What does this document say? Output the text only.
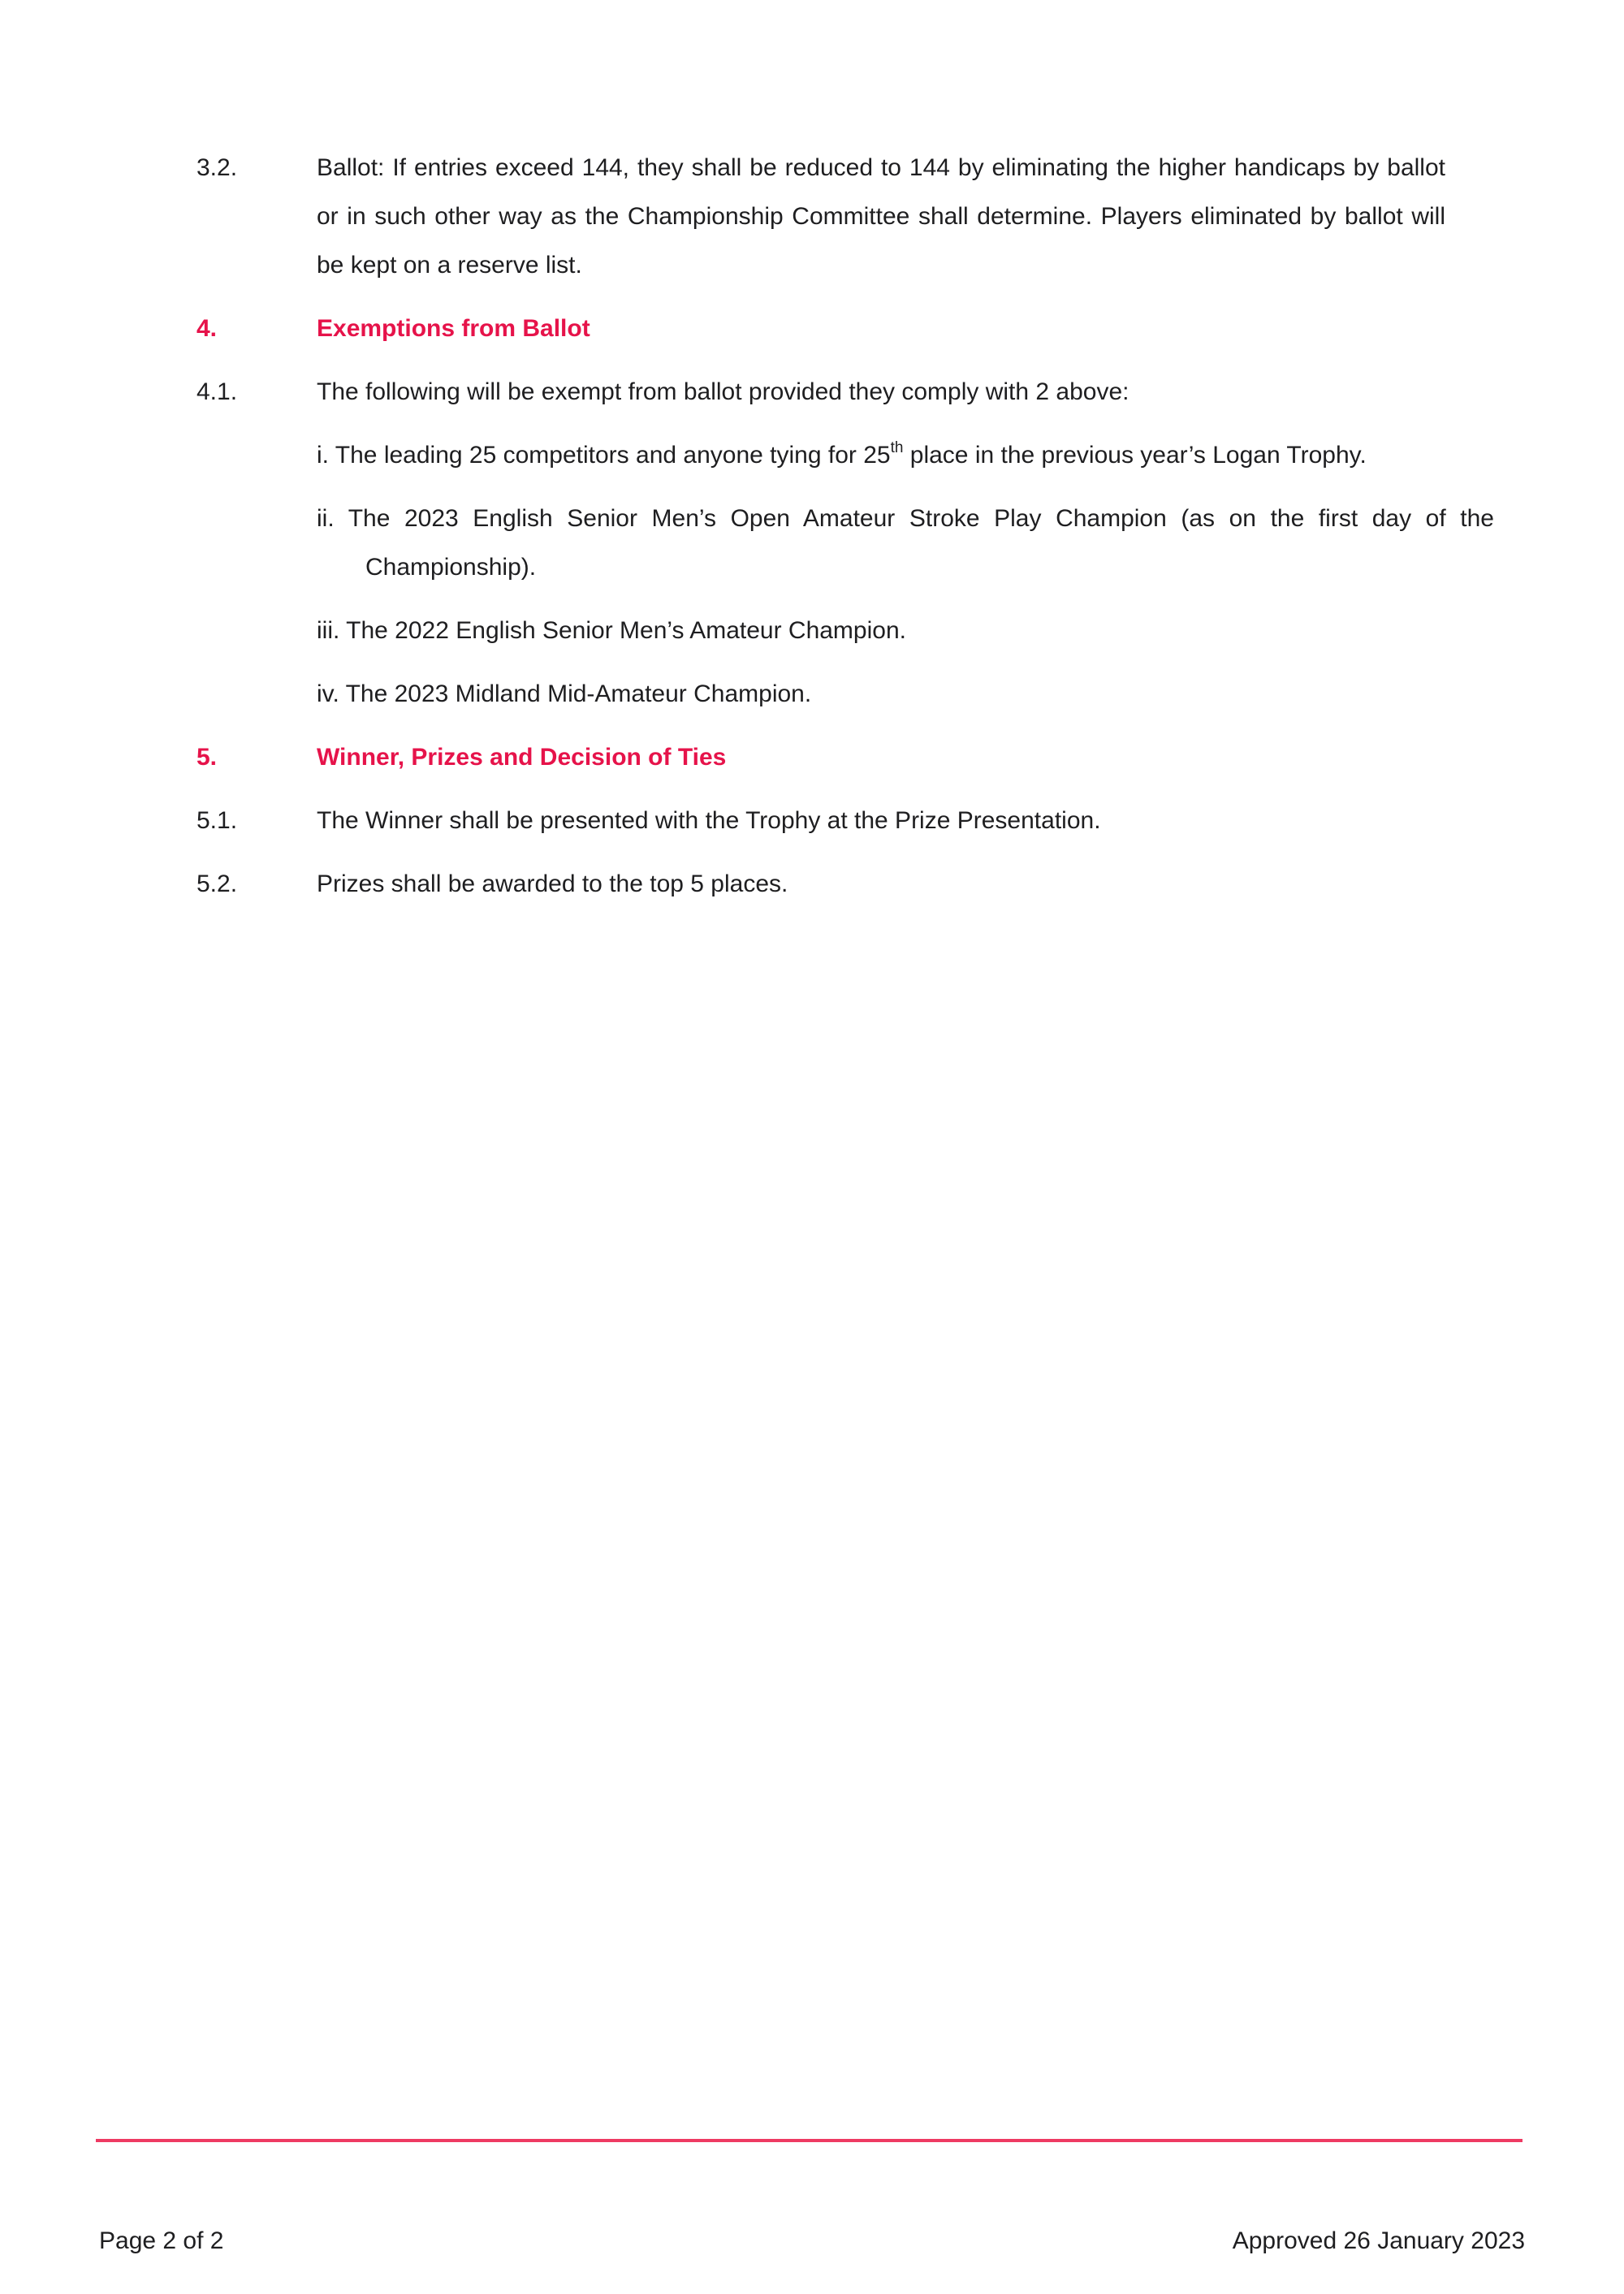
3.2.	Ballot: If entries exceed 144, they shall be reduced to 144 by eliminating the higher handicaps by ballot or in such other way as the Championship Committee shall determine. Players eliminated by ballot will be kept on a reserve list.
4.	Exemptions from Ballot
4.1.	The following will be exempt from ballot provided they comply with 2 above:
i. The leading 25 competitors and anyone tying for 25th place in the previous year’s Logan Trophy.
ii. The 2023 English Senior Men’s Open Amateur Stroke Play Champion (as on the first day of the Championship).
iii. The 2022 English Senior Men’s Amateur Champion.
iv. The 2023 Midland Mid-Amateur Champion.
5.	Winner, Prizes and Decision of Ties
5.1.	The Winner shall be presented with the Trophy at the Prize Presentation.
5.2.	Prizes shall be awarded to the top 5 places.
Page 2 of 2	Approved 26 January 2023
